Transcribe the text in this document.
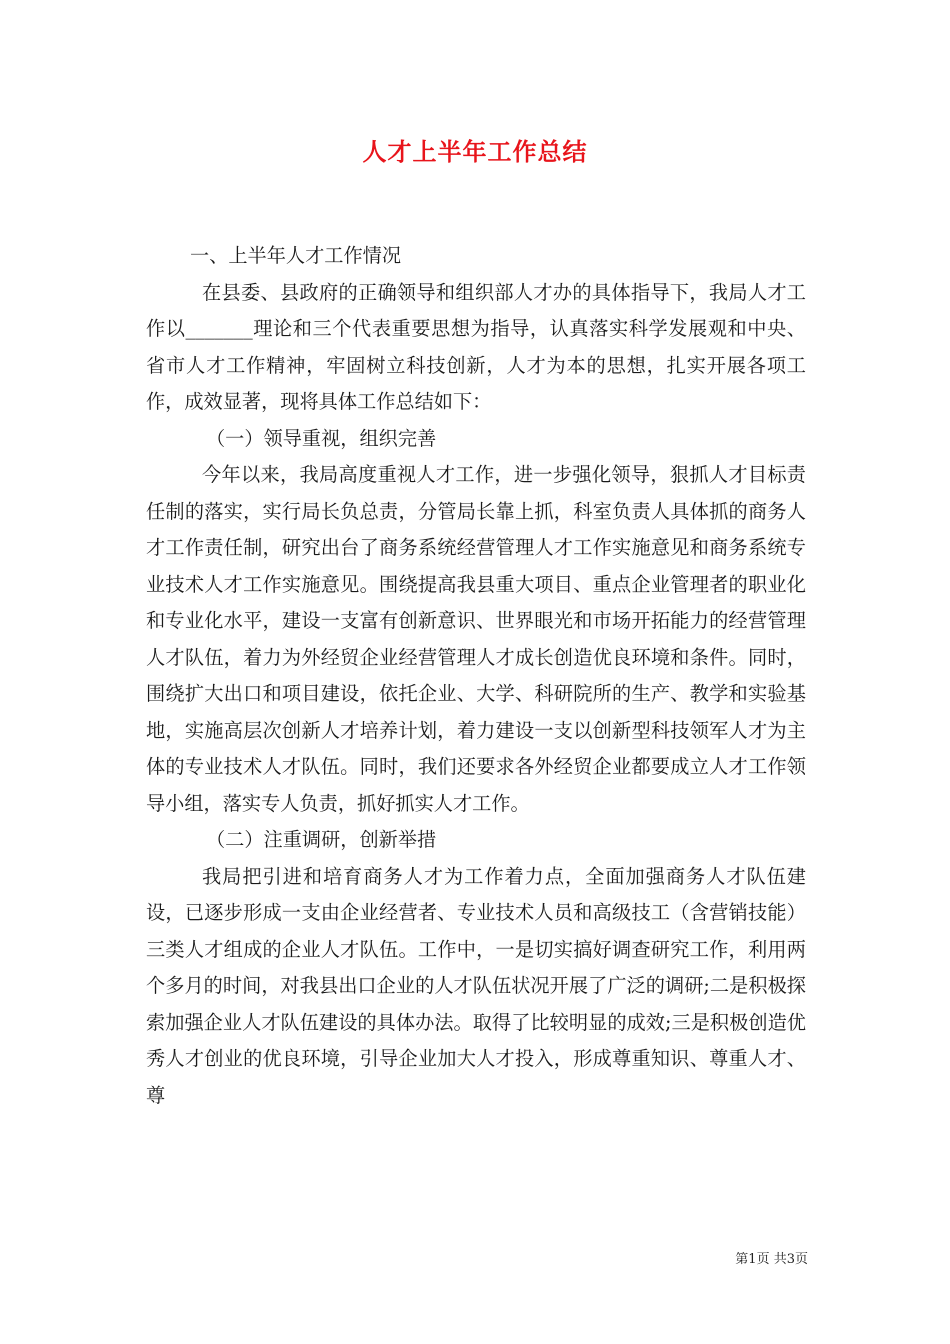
人才上半年工作总结

一、上半年人才工作情况

在县委、县政府的正确领导和组织部人才办的具体指导下，我局人才工作以_______理论和三个代表重要思想为指导，认真落实科学发展观和中央、省市人才工作精神，牢固树立科技创新，人才为本的思想，扎实开展各项工作，成效显著，现将具体工作总结如下：

（一）领导重视，组织完善

今年以来，我局高度重视人才工作，进一步强化领导，狠抓人才目标责任制的落实，实行局长负总责，分管局长靠上抓，科室负责人具体抓的商务人才工作责任制，研究出台了商务系统经营管理人才工作实施意见和商务系统专业技术人才工作实施意见。围绕提高我县重大项目、重点企业管理者的职业化和专业化水平，建设一支富有创新意识、世界眼光和市场开拓能力的经营管理人才队伍，着力为外经贸企业经营管理人才成长创造优良环境和条件。同时，围绕扩大出口和项目建设，依托企业、大学、科研院所的生产、教学和实验基地，实施高层次创新人才培养计划，着力建设一支以创新型科技领军人才为主体的专业技术人才队伍。同时，我们还要求各外经贸企业都要成立人才工作领导小组，落实专人负责，抓好抓实人才工作。

（二）注重调研，创新举措

我局把引进和培育商务人才为工作着力点，全面加强商务人才队伍建设，已逐步形成一支由企业经营者、专业技术人员和高级技工（含营销技能）三类人才组成的企业人才队伍。工作中，一是切实搞好调查研究工作，利用两个多月的时间，对我县出口企业的人才队伍状况开展了广泛的调研;二是积极探索加强企业人才队伍建设的具体办法。取得了比较明显的成效;三是积极创造优秀人才创业的优良环境，引导企业加大人才投入，形成尊重知识、尊重人才、尊

第1页 共3页
